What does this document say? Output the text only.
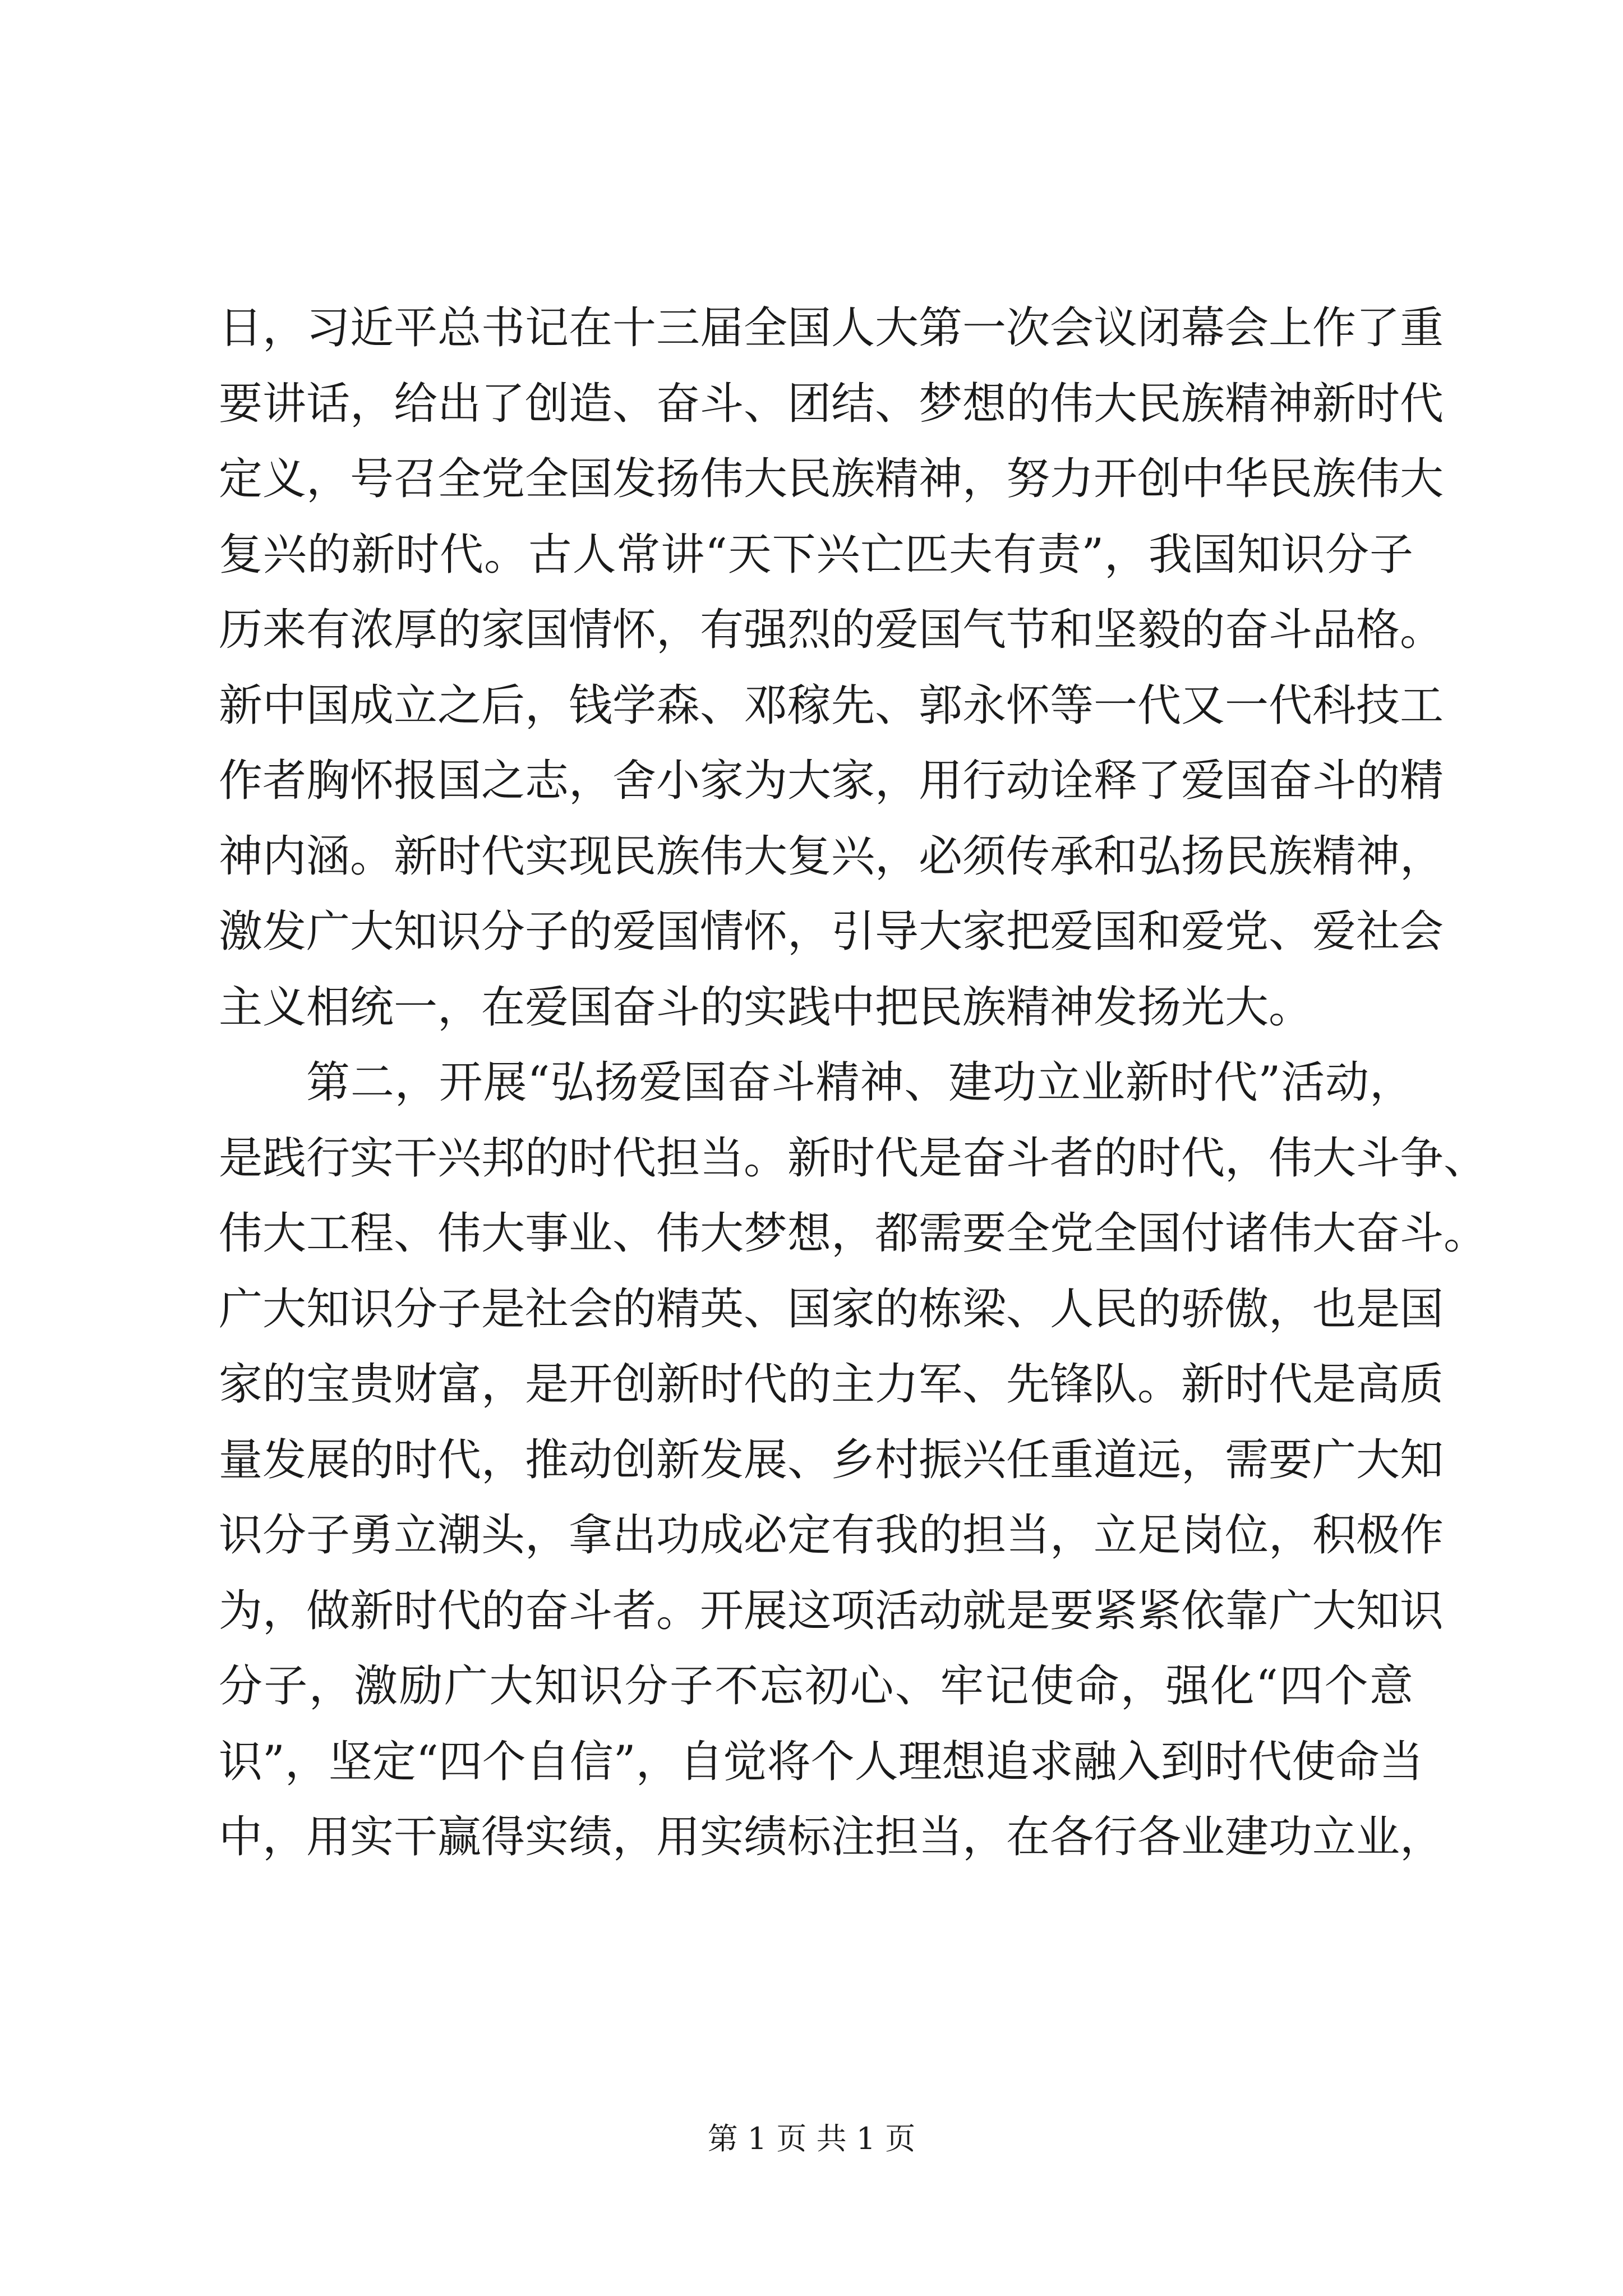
日，习近平总书记在十三届全国人大第一次会议闭幕会上作了重
要讲话，给出了创造、奋斗、团结、梦想的伟大民族精神新时代
定义，号召全党全国发扬伟大民族精神，努力开创中华民族伟大
复兴的新时代。古人常讲“天下兴亡匹夫有责”，我国知识分子
历来有浓厚的家国情怀，有强烈的爱国气节和坚毅的奋斗品格。
新中国成立之后，钱学森、邓稼先、郭永怀等一代又一代科技工
作者胸怀报国之志，舍小家为大家，用行动诠释了爱国奋斗的精
神内涵。新时代实现民族伟大复兴，必须传承和弘扬民族精神，
激发广大知识分子的爱国情怀，引导大家把爱国和爱党、爱社会
主义相统一，在爱国奋斗的实践中把民族精神发扬光大。
第二，开展“弘扬爱国奋斗精神、建功立业新时代”活动，
是践行实干兴邦的时代担当。新时代是奋斗者的时代，伟大斗争、
伟大工程、伟大事业、伟大梦想，都需要全党全国付诸伟大奋斗。
广大知识分子是社会的精英、国家的栋梁、人民的骄傲，也是国
家的宝贵财富，是开创新时代的主力军、先锋队。新时代是高质
量发展的时代，推动创新发展、乡村振兴任重道远，需要广大知
识分子勇立潮头，拿出功成必定有我的担当，立足岗位，积极作
为，做新时代的奋斗者。开展这项活动就是要紧紧依靠广大知识
分子，激励广大知识分子不忘初心、牢记使命，强化“四个意
识”，坚定“四个自信”，自觉将个人理想追求融入到时代使命当
中，用实干赢得实绩，用实绩标注担当，在各行各业建功立业，
第 1 页 共 1 页
